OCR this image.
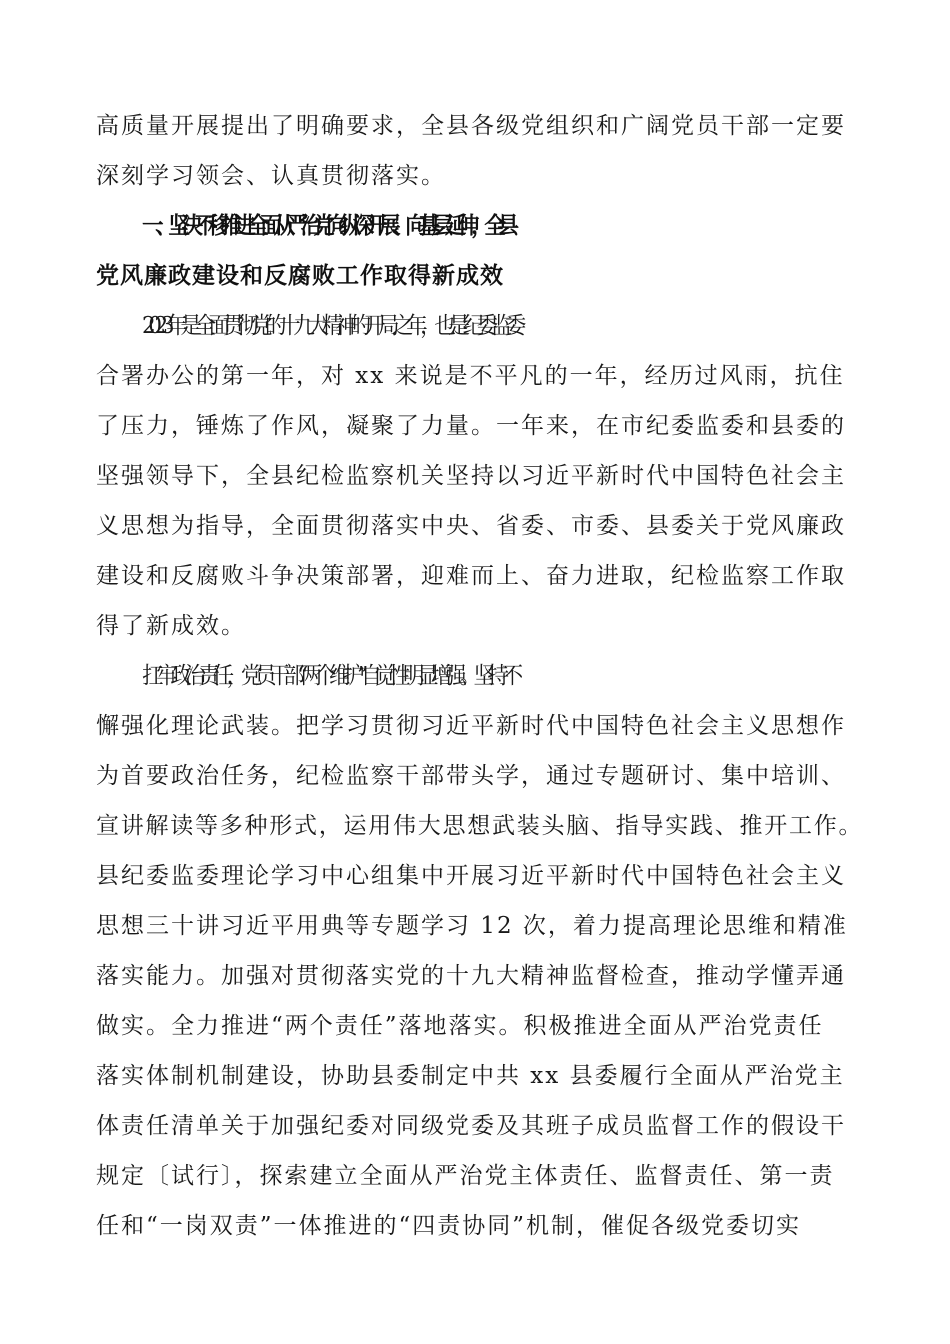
高质量开展提出了明确要求，全县各级党组织和广阔党员干部一定要
深刻学习领会、认真贯彻落实。
一、坚决不移推进全面从严治党向纵深开展、向基层延伸，全县
党风廉政建设和反腐败工作取得新成效
2023 年是全面贯彻党的十九大精神的开局之年，也是纪委监委
合署办公的第一年，对 xx 来说是不平凡的一年，经历过风雨，抗住
了压力，锤炼了作风，凝聚了力量。一年来，在市纪委监委和县委的
坚强领导下，全县纪检监察机关坚持以习近平新时代中国特色社会主
义思想为指导，全面贯彻落实中央、省委、市委、县委关于党风廉政
建设和反腐败斗争决策部署，迎难而上、奋力进取，纪检监察工作取
得了新成效。
扛牢政治责任，党员干部“两个维护”自觉性明显增强。坚持不
懈强化理论武装。把学习贯彻习近平新时代中国特色社会主义思想作
为首要政治任务，纪检监察干部带头学，通过专题研讨、集中培训、
宣讲解读等多种形式，运用伟大思想武装头脑、指导实践、推开工作。
县纪委监委理论学习中心组集中开展习近平新时代中国特色社会主义
思想三十讲习近平用典等专题学习 12 次，着力提高理论思维和精准
落实能力。加强对贯彻落实党的十九大精神监督检查，推动学懂弄通
做实。全力推进“两个责任”落地落实。积极推进全面从严治党责任
落实体制机制建设，协助县委制定中共 xx 县委履行全面从严治党主
体责任清单关于加强纪委对同级党委及其班子成员监督工作的假设干
规定〔试行〕，探索建立全面从严治党主体责任、监督责任、第一责
任和“一岗双责”一体推进的“四责协同”机制，催促各级党委切实
